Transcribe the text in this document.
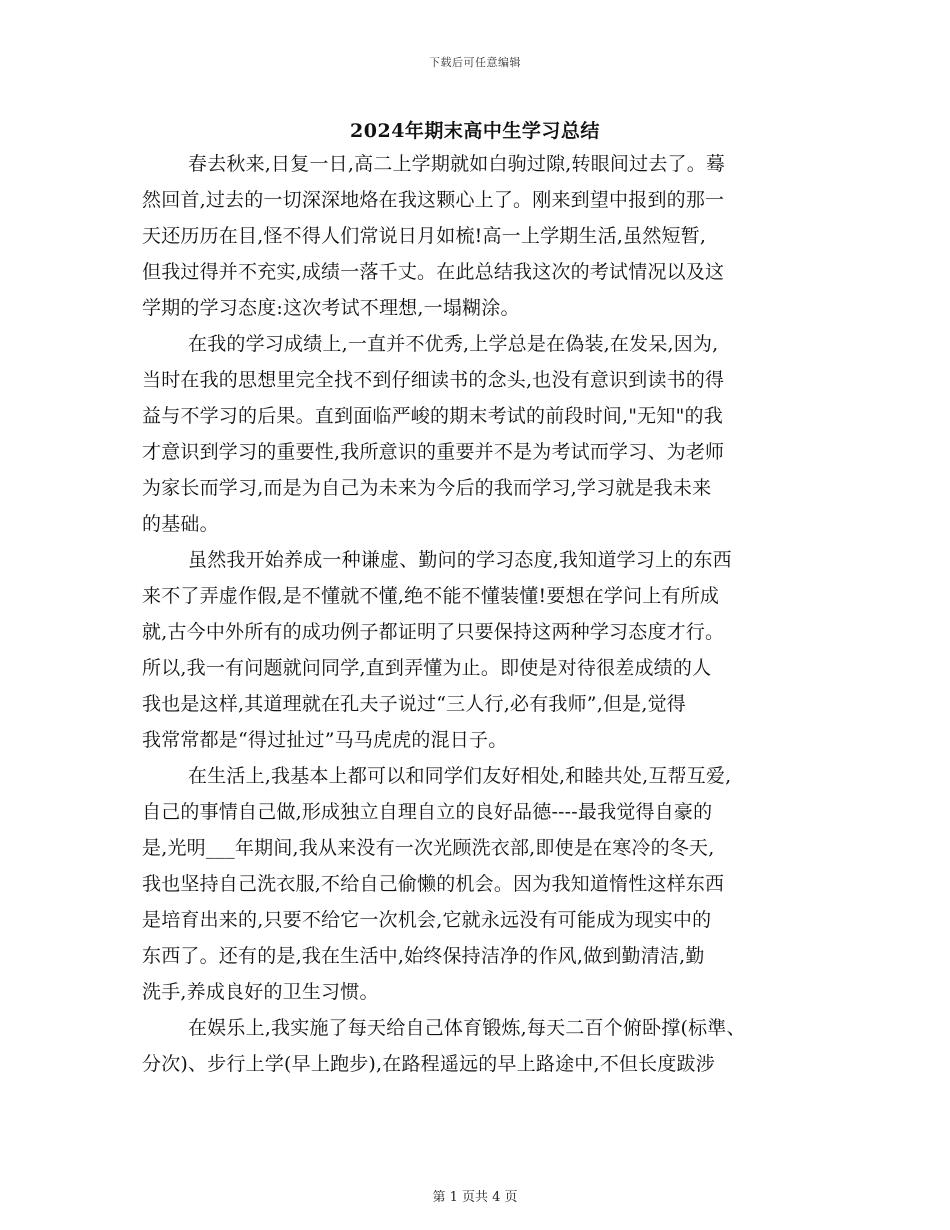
下载后可任意编辑
2024年期末高中生学习总结
春去秋来,日复一日,高二上学期就如白驹过隙,转眼间过去了。蓦
然回首,过去的一切深深地烙在我这颗心上了。刚来到望中报到的那一
天还历历在目,怪不得人们常说日月如梳!高一上学期生活,虽然短暂,
但我过得并不充实,成绩一落千丈。在此总结我这次的考试情况以及这
学期的学习态度:这次考试不理想,一塌糊涂。
在我的学习成绩上,一直并不优秀,上学总是在偽装,在发呆,因为,
当时在我的思想里完全找不到仔细读书的念头,也没有意识到读书的得
益与不学习的后果。直到面临严峻的期末考试的前段时间,"无知"的我
才意识到学习的重要性,我所意识的重要并不是为考试而学习、为老师
为家长而学习,而是为自己为未来为今后的我而学习,学习就是我未来
的基础。
虽然我开始养成一种谦虚、勤问的学习态度,我知道学习上的东西
来不了弄虚作假,是不懂就不懂,绝不能不懂装懂!要想在学问上有所成
就,古今中外所有的成功例子都证明了只要保持这两种学习态度才行。
所以,我一有问题就问同学,直到弄懂为止。即使是对待很差成绩的人
我也是这样,其道理就在孔夫子说过“三人行,必有我师”,但是,觉得
我常常都是“得过扯过”马马虎虎的混日子。
在生活上,我基本上都可以和同学们友好相处,和睦共处,互帮互爱,
自己的事情自己做,形成独立自理自立的良好品德----最我觉得自豪的
是,光明___年期间,我从来没有一次光顾洗衣部,即使是在寒冷的冬天,
我也坚持自己洗衣服,不给自己偷懒的机会。因为我知道惰性这样东西
是培育出来的,只要不给它一次机会,它就永远没有可能成为现实中的
东西了。还有的是,我在生活中,始终保持洁净的作风,做到勤清洁,勤
洗手,养成良好的卫生习惯。
在娱乐上,我实施了每天给自己体育锻炼,每天二百个俯卧撑(标準、
分次)、步行上学(早上跑步),在路程遥远的早上路途中,不但长度跋涉
第 1 页共 4 页
